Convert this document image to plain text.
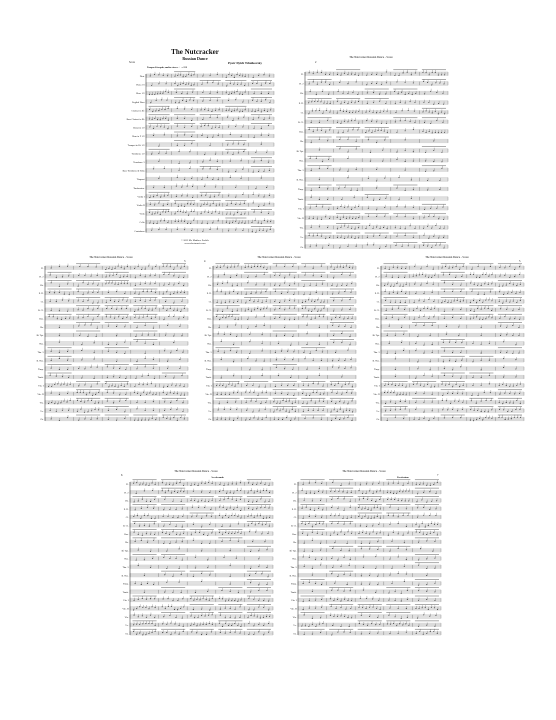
Flute
Flute 2/3
Oboe 1/2
English Horn
Clarinet in B♭
Bass Clarinet in B♭
Bassoon 1/2
Horn in F 1/2
Trumpet in B♭ 1/2
Trombone 1/2
Trombone 3
Bass Trombone & Tuba
Timpani
Tambourine
Violin I
Violin II
Viola
Cello
Contrabass
The Nutcracker
Russian Dance
Pyotr Ilyich Tchaikovsky
Score
Tempo di trepak, molto vivace ♩ = 152
© 2023 Mr. Matthew Pochile
www.sheetmusic.com
Fl.
Fl. 2
Ob.
E. H.
Cl.
B. Cl.
Bsn.
Hn.
B♭ Tpt.
Tbn.
Tbn. 3
B. Tbn.
Timp.
Tamb.
Vln. I
Vln. II
Vla.
Vc.
Cb.
The Nutcracker Russian Dance - Score
2
Fl.
Fl. 2
Ob.
E. H.
Cl.
B. Cl.
Bsn.
Hn.
B♭ Tpt.
Tbn.
Tbn. 3
B. Tbn.
Timp.
Tamb.
Vln. I
Vln. II
Vla.
Vc.
Cb.
The Nutcracker Russian Dance - Score
3
Fl.
Fl. 2
Ob.
E. H.
Cl.
B. Cl.
Bsn.
Hn.
B♭ Tpt.
Tbn.
Tbn. 3
B. Tbn.
Timp.
Tamb.
Vln. I
Vln. II
Vla.
Vc.
Cb.
The Nutcracker Russian Dance - Score
4
Fl.
Fl. 2
Ob.
E. H.
Cl.
B. Cl.
Bsn.
Hn.
B♭ Tpt.
Tbn.
Tbn. 3
B. Tbn.
Timp.
Tamb.
Vln. I
Vln. II
Vla.
Vc.
Cb.
The Nutcracker Russian Dance - Score
5
Fl.
Fl. 2
Ob.
E. H.
Cl.
B. Cl.
Bsn.
Hn.
B♭ Tpt.
Tbn.
Tbn. 3
B. Tbn.
Timp.
Tamb.
Vln. I
Vln. II
Vla.
Vc.
Cb.
The Nutcracker Russian Dance - Score
6
Accelerando
Fl.
Fl. 2
Ob.
E. H.
Cl.
B. Cl.
Bsn.
Hn.
B♭ Tpt.
Tbn.
Tbn. 3
B. Tbn.
Timp.
Tamb.
Vln. I
Vln. II
Vla.
Vc.
Cb.
The Nutcracker Russian Dance - Score
7
Prestissimo
